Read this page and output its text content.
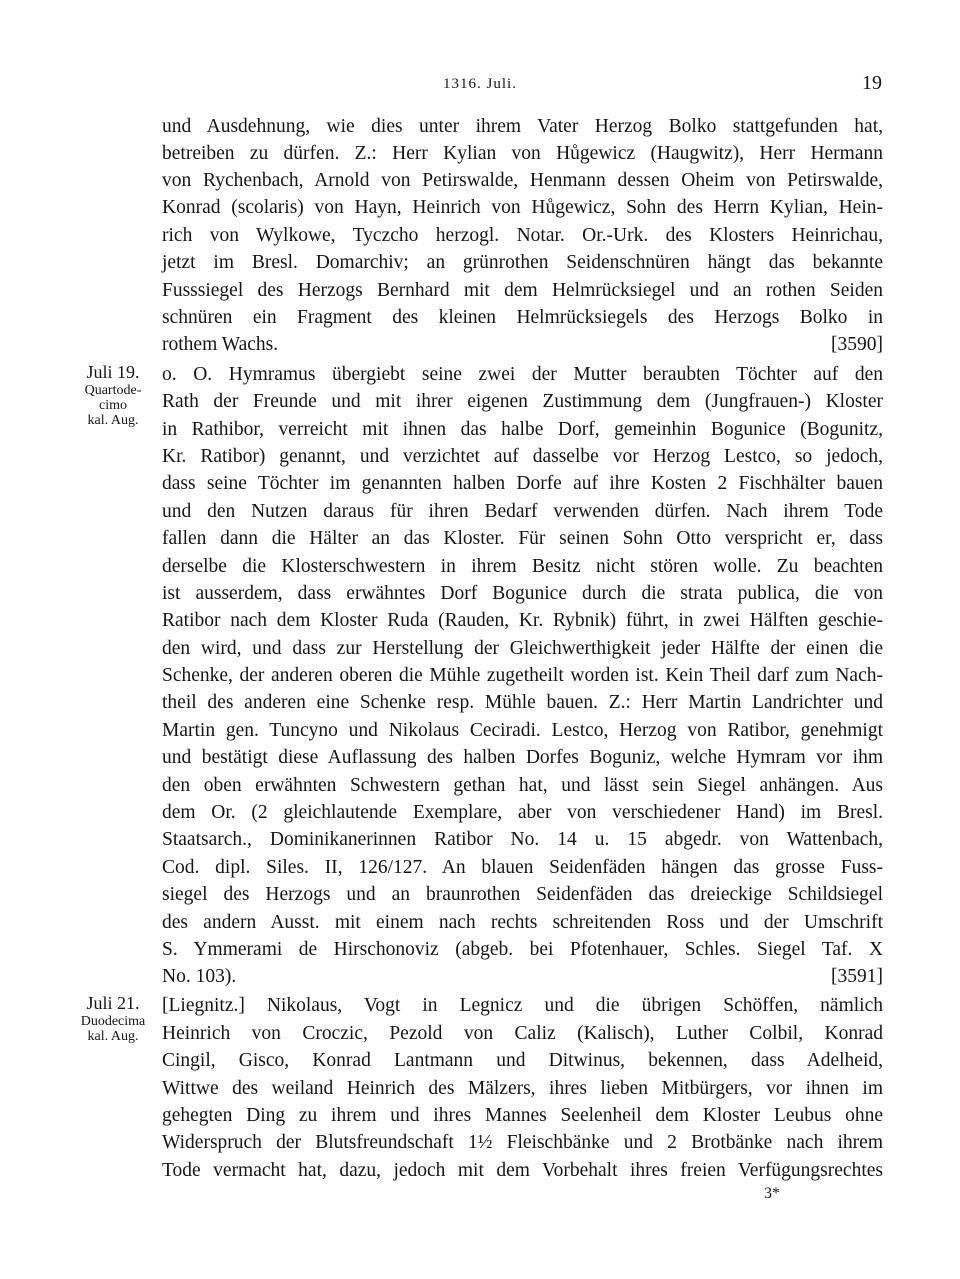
1316. Juli.	19
und Ausdehnung, wie dies unter ihrem Vater Herzog Bolko stattgefunden hat,
betreiben zu dürfen. Z.: Herr Kylian von Hůgewicz (Haugwitz), Herr Hermann
von Rychenbach, Arnold von Petirswalde, Henmann dessen Oheim von Petirswalde,
Konrad (scolaris) von Hayn, Heinrich von Hůgewicz, Sohn des Herrn Kylian, Hein-
rich von Wylkowe, Tyczcho herzogl. Notar. Or.-Urk. des Klosters Heinrichau,
jetzt im Bresl. Domarchiv; an grünrothen Seidenschnüren hängt das bekannte
Fusssiegel des Herzogs Bernhard mit dem Helmrücksiegel und an rothen Seiden
schnüren ein Fragment des kleinen Helmrücksiegels des Herzogs Bolko in
rothem Wachs.	[3590]
Juli 19.
Quartode-
cimo
kal. Aug.
o. O. Hymramus übergiebt seine zwei der Mutter beraubten Töchter auf den
Rath der Freunde und mit ihrer eigenen Zustimmung dem (Jungfrauen-) Kloster
in Rathibor, verreicht mit ihnen das halbe Dorf, gemeinhin Bogunice (Bogunitz,
Kr. Ratibor) genannt, und verzichtet auf dasselbe vor Herzog Lestco, so jedoch,
dass seine Töchter im genannten halben Dorfe auf ihre Kosten 2 Fischhälter bauen
und den Nutzen daraus für ihren Bedarf verwenden dürfen. Nach ihrem Tode
fallen dann die Hälter an das Kloster. Für seinen Sohn Otto verspricht er, dass
derselbe die Klosterschwestern in ihrem Besitz nicht stören wolle. Zu beachten
ist ausserdem, dass erwähntes Dorf Bogunice durch die strata publica, die von
Ratibor nach dem Kloster Ruda (Rauden, Kr. Rybnik) führt, in zwei Hälften geschie-
den wird, und dass zur Herstellung der Gleichwerthigkeit jeder Hälfte der einen die
Schenke, der anderen oberen die Mühle zugetheilt worden ist. Kein Theil darf zum Nach-
theil des anderen eine Schenke resp. Mühle bauen. Z.: Herr Martin Landrichter und
Martin gen. Tuncyno und Nikolaus Ceciradi. Lestco, Herzog von Ratibor, genehmigt
und bestätigt diese Auflassung des halben Dorfes Boguniz, welche Hymram vor ihm
den oben erwähnten Schwestern gethan hat, und lässt sein Siegel anhängen. Aus
dem Or. (2 gleichlautende Exemplare, aber von verschiedener Hand) im Bresl.
Staatsarch., Dominikanerinnen Ratibor No. 14 u. 15 abgedr. von Wattenbach,
Cod. dipl. Siles. II, 126/127. An blauen Seidenfäden hängen das grosse Fuss-
siegel des Herzogs und an braunrothen Seidenfäden das dreieckige Schildsiegel
des andern Ausst. mit einem nach rechts schreitenden Ross und der Umschrift
S. Ymmerami de Hirschonoviz (abgeb. bei Pfotenhauer, Schles. Siegel Taf. X
No. 103).	[3591]
Juli 21.
Duodecima
kal. Aug.
[Liegnitz.] Nikolaus, Vogt in Legnicz und die übrigen Schöffen, nämlich
Heinrich von Croczic, Pezold von Caliz (Kalisch), Luther Colbil, Konrad
Cingil, Gisco, Konrad Lantmann und Ditwinus, bekennen, dass Adelheid,
Wittwe des weiland Heinrich des Mälzers, ihres lieben Mitbürgers, vor ihnen im
gehegten Ding zu ihrem und ihres Mannes Seelenheil dem Kloster Leubus ohne
Widerspruch der Blutsfreundschaft 1½ Fleischbänke und 2 Brotbänke nach ihrem
Tode vermacht hat, dazu, jedoch mit dem Vorbehalt ihres freien Verfügungsrechtes
3*
